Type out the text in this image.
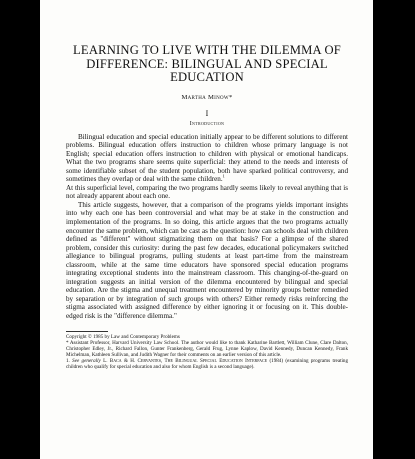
LEARNING TO LIVE WITH THE DILEMMA OF DIFFERENCE: BILINGUAL AND SPECIAL EDUCATION
Martha Minow*
I
Introduction

Bilingual education and special education initially appear to be different solutions to different problems. Bilingual education offers instruction to children whose primary language is not English; special education offers instruction to children with physical or emotional handicaps. What the two programs share seems quite superficial: they attend to the needs and interests of some identifiable subset of the student population, both have sparked political controversy, and sometimes they overlap or deal with the same children.$^1$

At this superficial level, comparing the two programs hardly seems likely to reveal anything that is not already apparent about each one.

This article suggests, however, that a comparison of the programs yields important insights into why each one has been controversial and what may be at stake in the construction and implementation of the programs. In so doing, this article argues that the two programs actually encounter the same problem, which can be cast as the question: how can schools deal with children defined as "different" without stigmatizing them on that basis? For a glimpse of the shared problem, consider this curiosity: during the past few decades, educational policymakers switched allegiance to bilingual programs, pulling students at least part-time from the mainstream classroom, while at the same time educators have sponsored special education programs integrating exceptional students into the mainstream classroom. This changing-of-the-guard on integration suggests an initial version of the dilemma encountered by bilingual and special education. Are the stigma and unequal treatment encountered by minority groups better remedied by separation or by integration of such groups with others? Either remedy risks reinforcing the stigma associated with assigned difference by either ignoring it or focusing on it. This double-edged risk is the "difference dilemma."

Copyright © 1985 by Law and Contemporary Problems

* Assistant Professor, Harvard University Law School. The author would like to thank Katharine Bartlett, William Clune, Clare Dalton, Christopher Edley, Jr., Richard Fallon, Gunter Frankenberg, Gerald Frug, Lynne Kaplow, David Kennedy, Duncan Kennedy, Frank Michelman, Kathleen Sullivan, and Judith Wagner for their comments on an earlier version of this article.

1. See generally L. Baca & H. Cervantes, The Bilingual Special Education Interface (1984) (examining programs treating children who qualify for special education and also for whom English is a second language).
